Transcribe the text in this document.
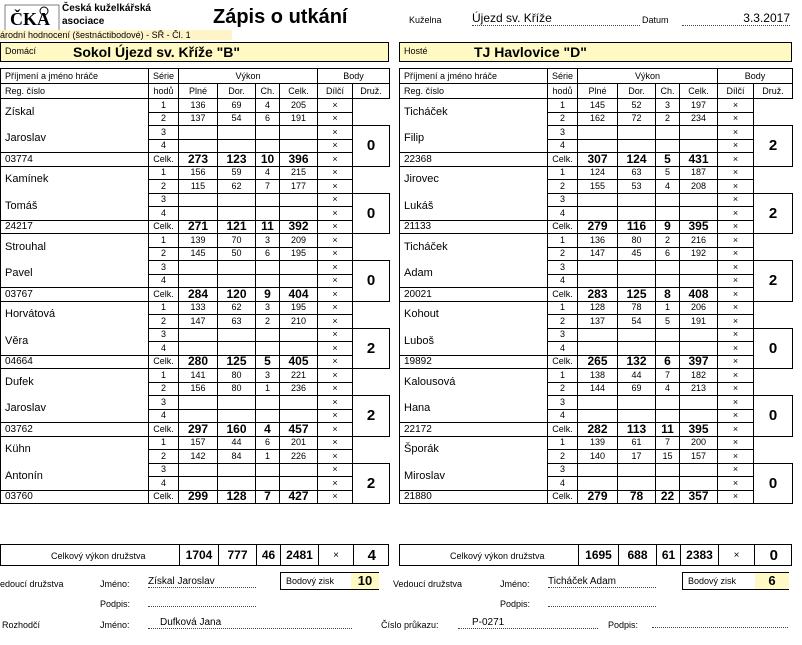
ČKA
Česká kuželkářská
asociace
árodní hodnocení (šestnáctibodové) - SŘ - Čl. 1
Zápis o utkání	Kuželna	Újezd sv. Kříže	Datum	3.3.2017
Domácí	Sokol Újezd sv. Kříže "B"	Hosté	TJ Havlovice "D"
Příjmení a jméno hráče	Série	Výkon				Body	
Reg. číslo	hodů	Plné	Dor.	Ch.	Celk.	Dílčí	Druž.
Získal	1	136	69	4	205	×	
	2	137	54	6	191	×	
Jaroslav	3					×	0
	4					×	
03774	Celk.	273	123	10	396	×	
Kamínek	1	156	59	4	215	×	
	2	115	62	7	177	×	
Tomáš	3					×	0
	4					×	
24217	Celk.	271	121	11	392	×	
Strouhal	1	139	70	3	209	×	
	2	145	50	6	195	×	
Pavel	3					×	0
	4					×	
03767	Celk.	284	120	9	404	×	
Horvátová	1	133	62	3	195	×	
	2	147	63	2	210	×	
Věra	3					×	2
	4					×	
04664	Celk.	280	125	5	405	×	
Dufek	1	141	80	3	221	×	
	2	156	80	1	236	×	
Jaroslav	3					×	2
	4					×	
03762	Celk.	297	160	4	457	×	
Kühn	1	157	44	6	201	×	
	2	142	84	1	226	×	
Antonín	3					×	2
	4					×	
03760	Celk.	299	128	7	427	×	
Příjmení a jméno hráče	Série	Výkon				Body	
Reg. číslo	hodů	Plné	Dor.	Ch.	Celk.	Dílčí	Druž.
Ticháček	1	145	52	3	197	×	
	2	162	72	2	234	×	
Filip	3					×	2
	4					×	
22368	Celk.	307	124	5	431	×	
Jirovec	1	124	63	5	187	×	
	2	155	53	4	208	×	
Lukáš	3					×	2
	4					×	
21133	Celk.	279	116	9	395	×	
Ticháček	1	136	80	2	216	×	
	2	147	45	6	192	×	
Adam	3					×	2
	4					×	
20021	Celk.	283	125	8	408	×	
Kohout	1	128	78	1	206	×	
	2	137	54	5	191	×	
Luboš	3					×	0
	4					×	
19892	Celk.	265	132	6	397	×	
Kalousová	1	138	44	7	182	×	
	2	144	69	4	213	×	
Hana	3					×	0
	4					×	
22172	Celk.	282	113	11	395	×	
Šporák	1	139	61	7	200	×	
	2	140	17	15	157	×	
Miroslav	3					×	0
	4					×	
21880	Celk.	279	78	22	357	×	
Celkový výkon družstva	1704	777	46	2481	×	4	Celkový výkon družstva	1695	688	61	2383	×	0
edoucí družstva	Jméno: Získal Jaroslav	Bodový zisk	10
Podpis:
Vedoucí družstva	Jméno: Ticháček Adam	Bodový zisk	6
Podpis:
Rozhodčí	Jméno:	Dufková Jana	Číslo průkazu:	P-0271	Podpis:
